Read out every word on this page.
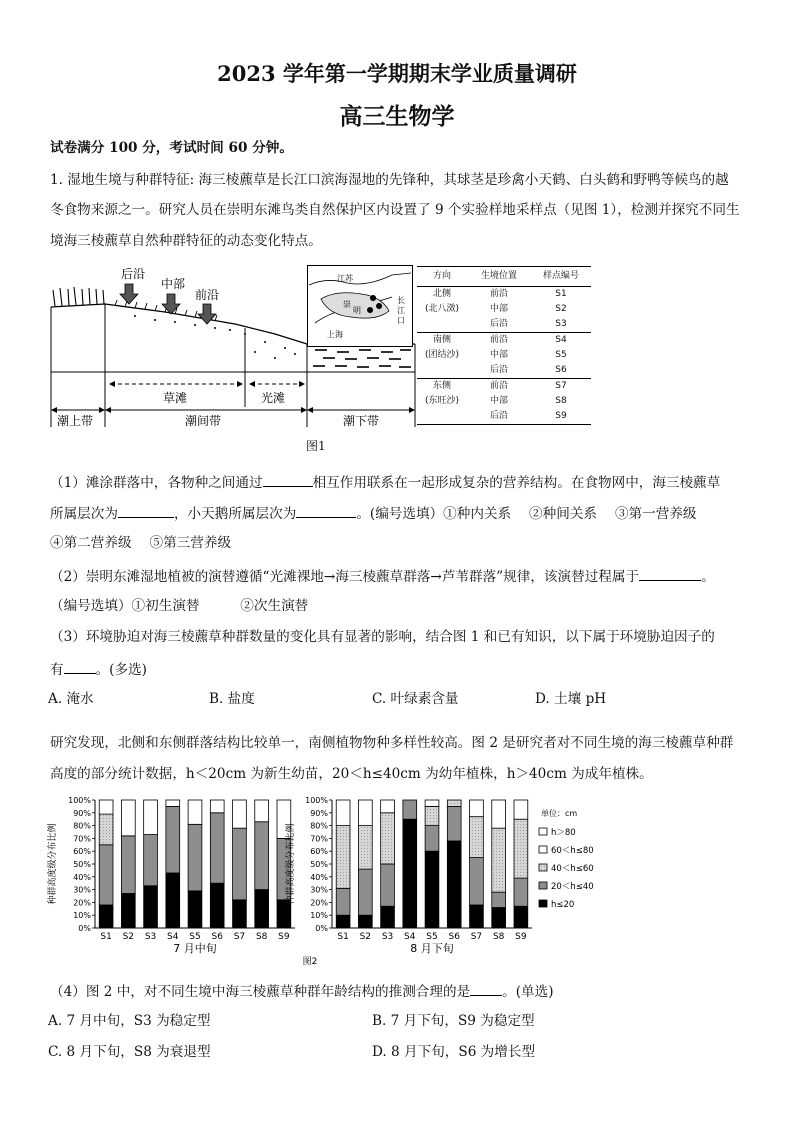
2023 学年第一学期期末学业质量调研
高三生物学
试卷满分 100 分，考试时间 60 分钟。
1. 湿地生境与种群特征: 海三棱藨草是长江口滨海湿地的先锋种，其球茎是珍禽小天鹤、白头鹤和野鸭等候鸟的越
冬食物来源之一。研究人员在崇明东滩鸟类自然保护区内设置了 9 个实验样地采样点（见图 1），检测并探究不同生
境海三棱藨草自然种群特征的动态变化特点。
后沿
中部
前沿
草滩	光滩
潮上带	潮间带	潮下带
江苏
崇
明
上海
长江口
方向	生境位置	样点编号
北侧	前沿	S1
(北八滧)	中部	S2
	后沿	S3
南侧	前沿	S4
(团结沙)	中部	S5
	后沿	S6
东侧	前沿	S7
(东旺沙)	中部	S8
	后沿	S9
图1
（1）滩涂群落中，各物种之间通过	相互作用联系在一起形成复杂的营养结构。在食物网中，海三棱藨草
所属层次为	，小天鹅所属层次为	。(编号选填）①种内关系　 ②种间关系　 ③第一营养级
④第二营养级　 ⑤第三营养级
（2）崇明东滩湿地植被的演替遵循“光滩裸地→海三棱藨草群落→芦苇群落”规律，该演替过程属于	。
（编号选填）①初生演替　　　②次生演替
（3）环境胁迫对海三棱藨草种群数量的变化具有显著的影响，结合图 1 和已有知识，以下属于环境胁迫因子的
有 。(多选)
A. 淹水	B. 盐度	C. 叶绿素含量	D. 土壤 pH
研究发现，北侧和东侧群落结构比较单一，南侧植物物种多样性较高。图 2 是研究者对不同生境的海三棱藨草种群
高度的部分统计数据，h＜20cm 为新生幼苗，20＜h≤40cm 为幼年植株，h＞40cm 为成年植株。
0%
10%
20%
30%
40%
50%
60%
70%
80%
90%
100%
种群高度级分布比例
S1 S2 S3 S4 S5 S6 S7 S8 S9
7 月中旬
0%
10%
20%
30%
40%
50%
60%
70%
80%
90%
100%
种群高度级分布比例
S1 S2 S3 S4 S5 S6 S7 S8 S9
8 月下旬
图2
单位：cm
h＞80
60＜h≤80
40＜h≤60
20＜h≤40
h≤20
（4）图 2 中，对不同生境中海三棱藨草种群年龄结构的推测合理的是 。(单选)
A. 7 月中旬，S3 为稳定型	B. 7 月下旬，S9 为稳定型
C. 8 月下旬，S8 为衰退型	D. 8 月下旬，S6 为增长型
